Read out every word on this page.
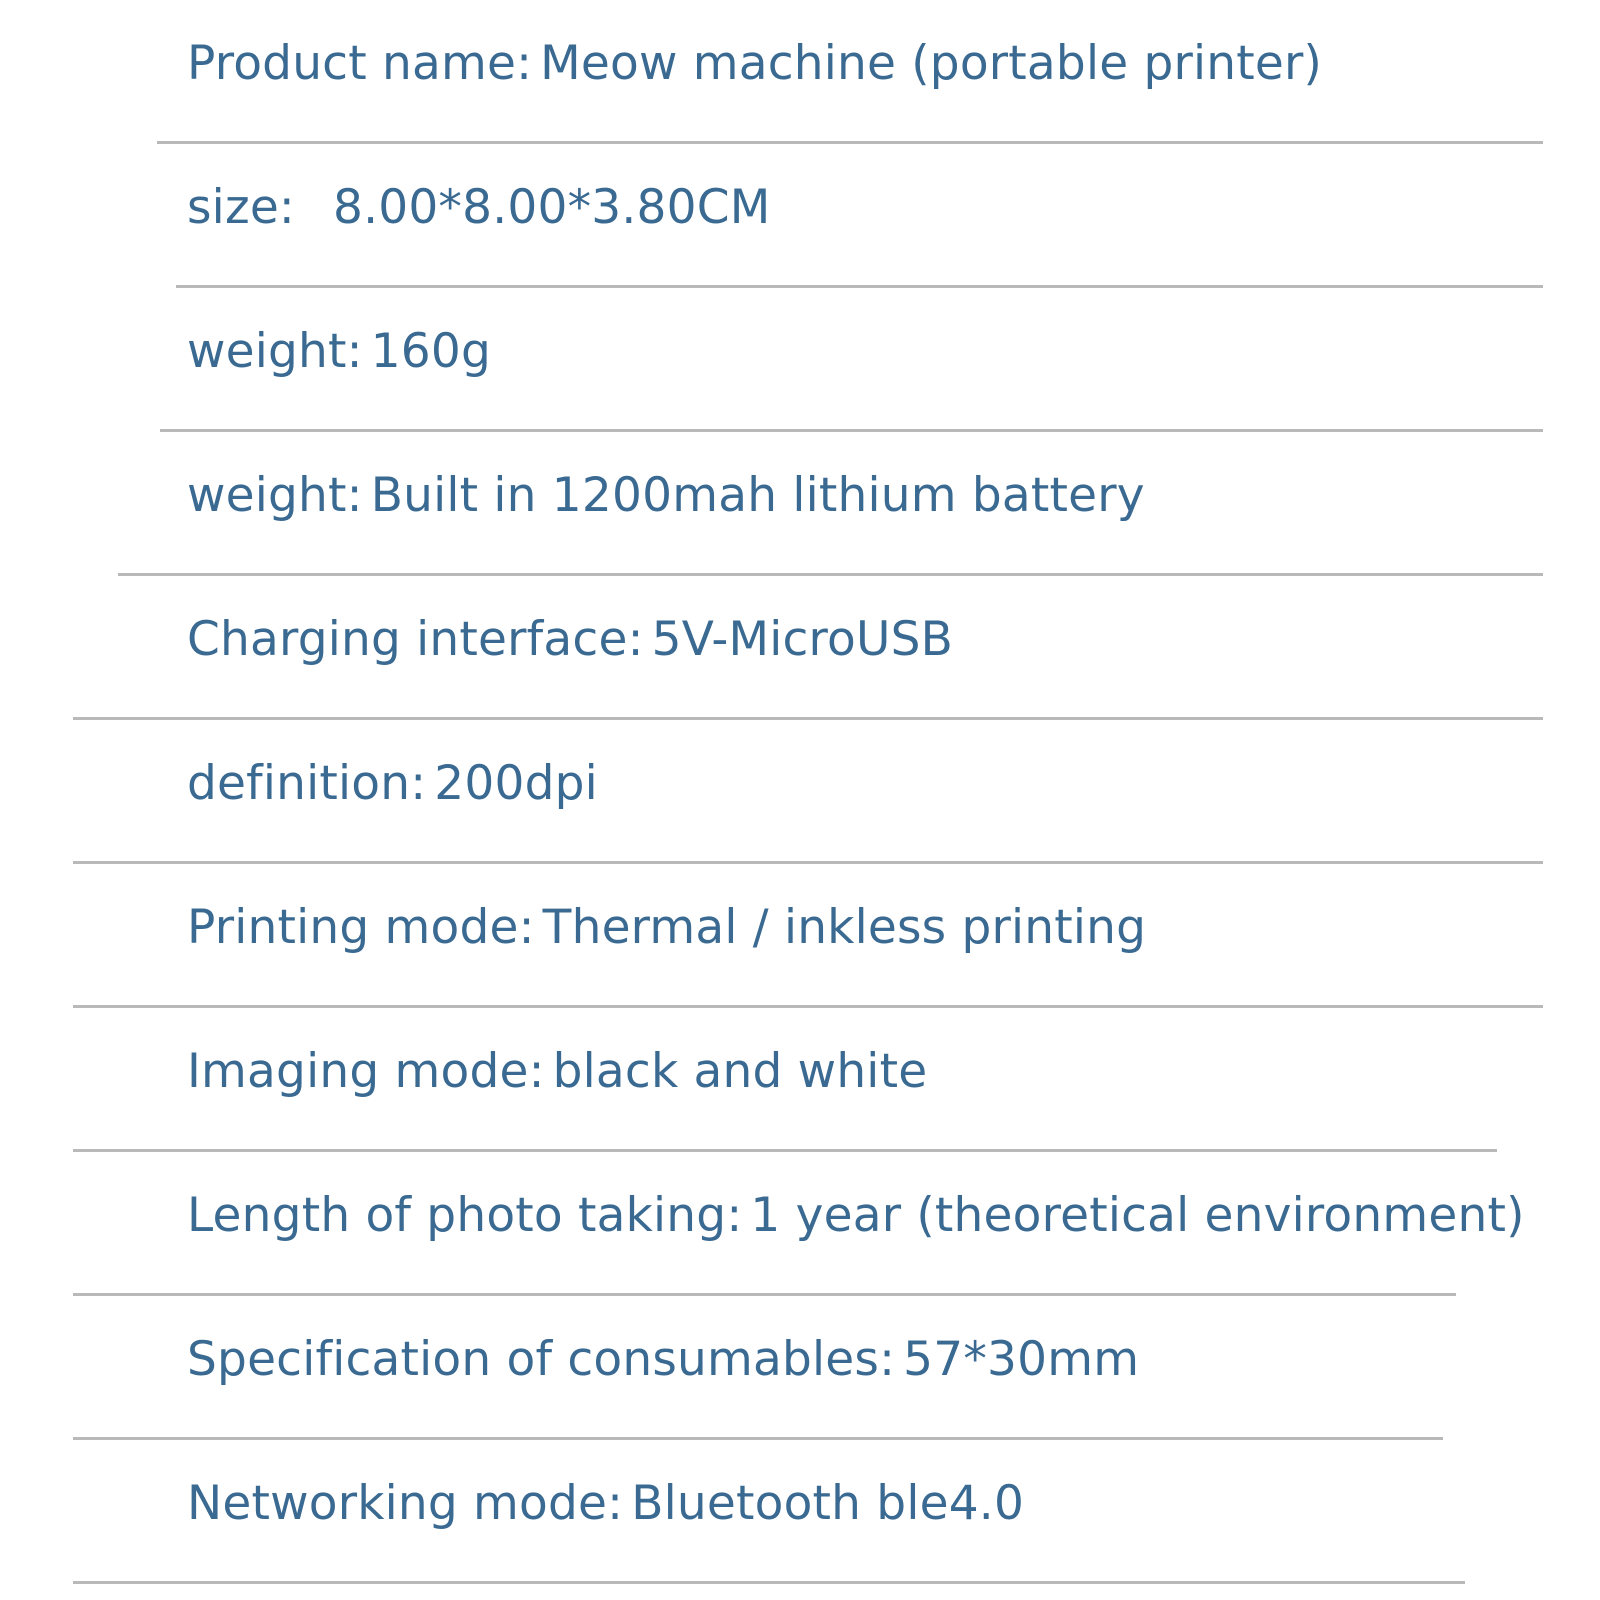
Product name: Meow machine (portable printer)
size: 8.00*8.00*3.80CM
weight: 160g
weight: Built in 1200mah lithium battery
Charging interface: 5V-MicroUSB
definition: 200dpi
Printing mode: Thermal / inkless printing
Imaging mode: black and white
Length of photo taking: 1 year (theoretical environment)
Specification of consumables: 57*30mm
Networking mode: Bluetooth ble4.0
